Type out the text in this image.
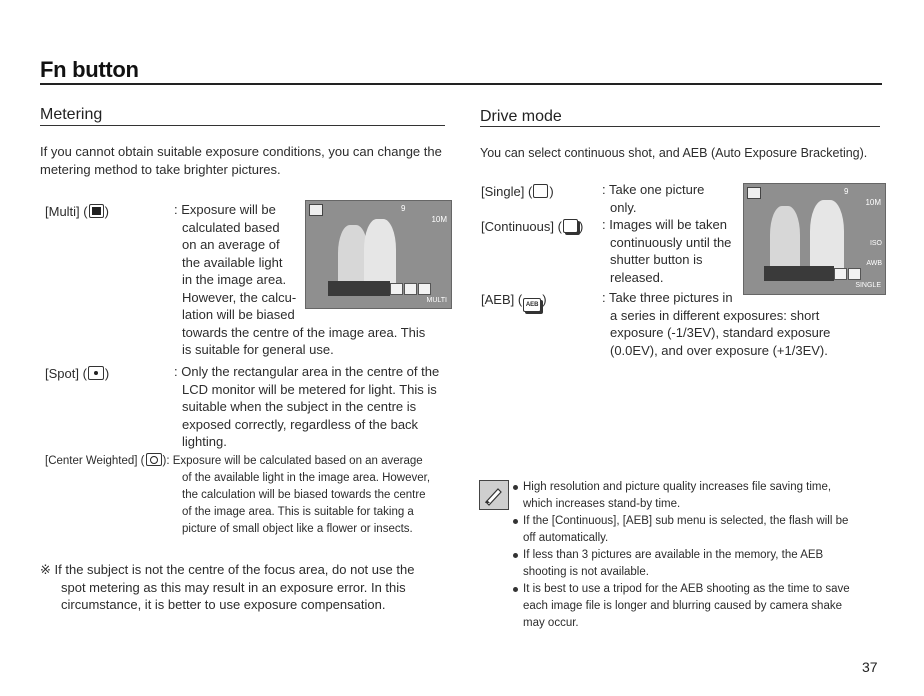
Fn button
Metering
If you cannot obtain suitable exposure conditions, you can change the metering method to take brighter pictures.
[Multi] ( )	: Exposure will be
calculated based
on an average of
the available light
in the image area.
However, the calcu-
lation will be biased
towards the centre of the image area. This
is suitable for general use.
9
10M
MULTI
[Spot] ( )	: Only the rectangular area in the centre of the
LCD monitor will be metered for light. This is
suitable when the subject in the centre is
exposed correctly, regardless of the back
lighting.
[Center Weighted] ( ): Exposure will be calculated based on an average
of the available light in the image area. However,
the calculation will be biased towards the centre
of the image area. This is suitable for taking a
picture of small object like a flower or insects.
※ If the subject is not the centre of the focus area, do not use the
spot metering as this may result in an exposure error. In this
circumstance, it is better to use exposure compensation.
Drive mode
You can select continuous shot, and AEB (Auto Exposure Bracketing).
[Single] ( )	: Take one picture
only.
[Continuous] ( ) : Images will be taken
continuously until the
shutter button is
released.
[AEB] ( AEB )	: Take three pictures in
a series in different exposures: short
exposure (-1/3EV), standard exposure
(0.0EV), and over exposure (+1/3EV).
9
10M
ISO
AWB
SINGLE
High resolution and picture quality increases file saving time,
which increases stand-by time.
If the [Continuous], [AEB] sub menu is selected, the flash will be
off automatically.
If less than 3 pictures are available in the memory, the AEB
shooting is not available.
It is best to use a tripod for the AEB shooting as the time to save
each image file is longer and blurring caused by camera shake
may occur.
37
